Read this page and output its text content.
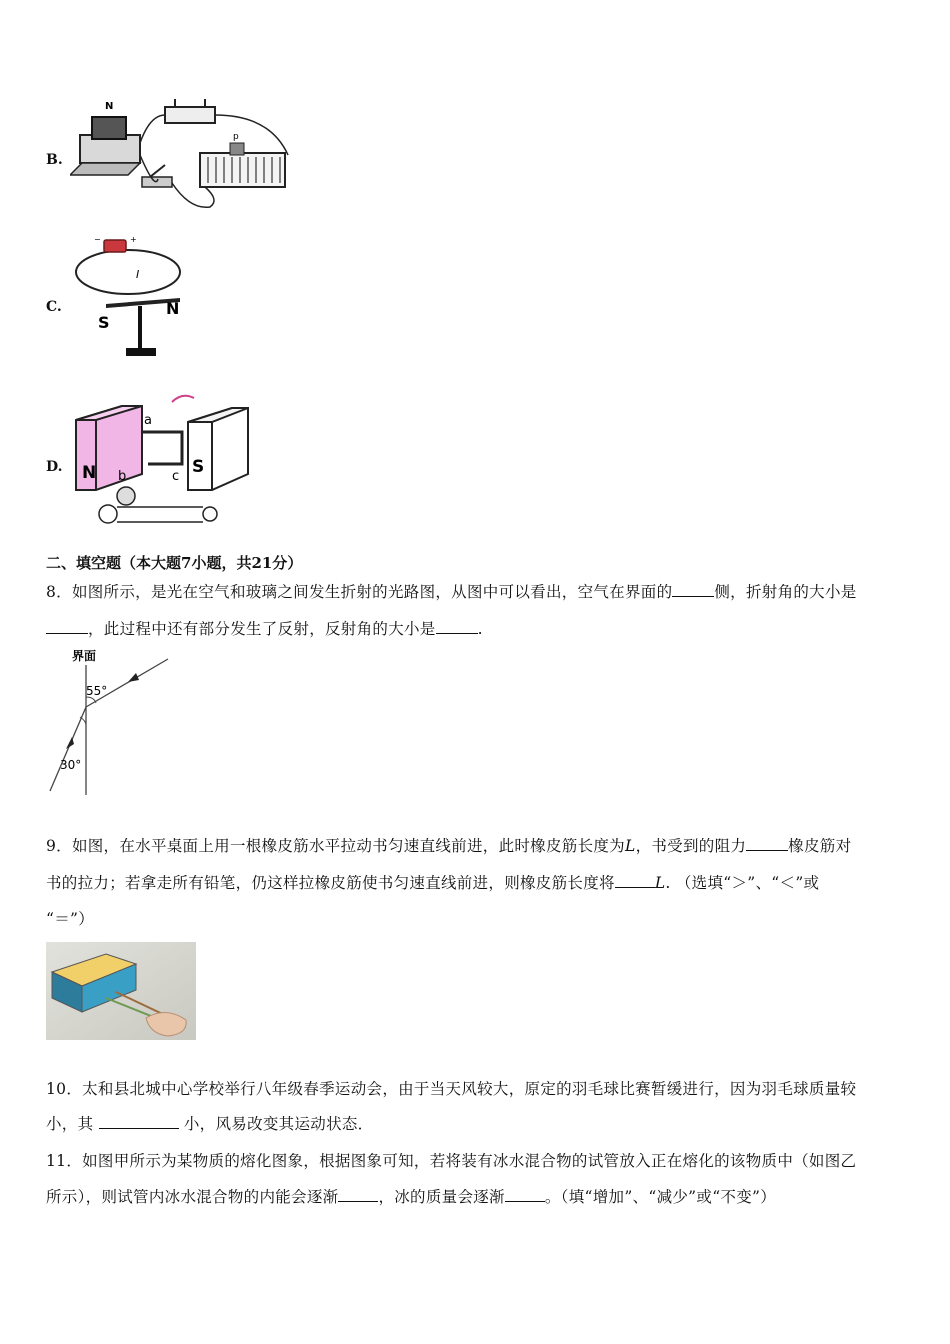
B.
N
p
C.
−	+
I
S
N
D. N	S
a
b	c
二、填空题（本大题7小题，共21分）
8．如图所示，是光在空气和玻璃之间发生折射的光路图，从图中可以看出，空气在界面的	侧，折射角的大小是
，此过程中还有部分发生了反射，反射角的大小是	.
界面
55°
30°
9．如图，在水平桌面上用一根橡皮筋水平拉动书匀速直线前进，此时橡皮筋长度为L，书受到的阻力	橡皮筋对
书的拉力；若拿走所有铅笔，仍这样拉橡皮筋使书匀速直线前进，则橡皮筋长度将	L. （选填“＞”、“＜”或
“＝”）
10．太和县北城中心学校举行八年级春季运动会，由于当天风较大，原定的羽毛球比赛暂缓进行，因为羽毛球质量较
小，其	小，风易改变其运动状态．
11．如图甲所示为某物质的熔化图象，根据图象可知，若将装有冰水混合物的试管放入正在熔化的该物质中（如图乙
所示），则试管内冰水混合物的内能会逐渐	，冰的质量会逐渐	。（填“增加”、“减少”或“不变”）
